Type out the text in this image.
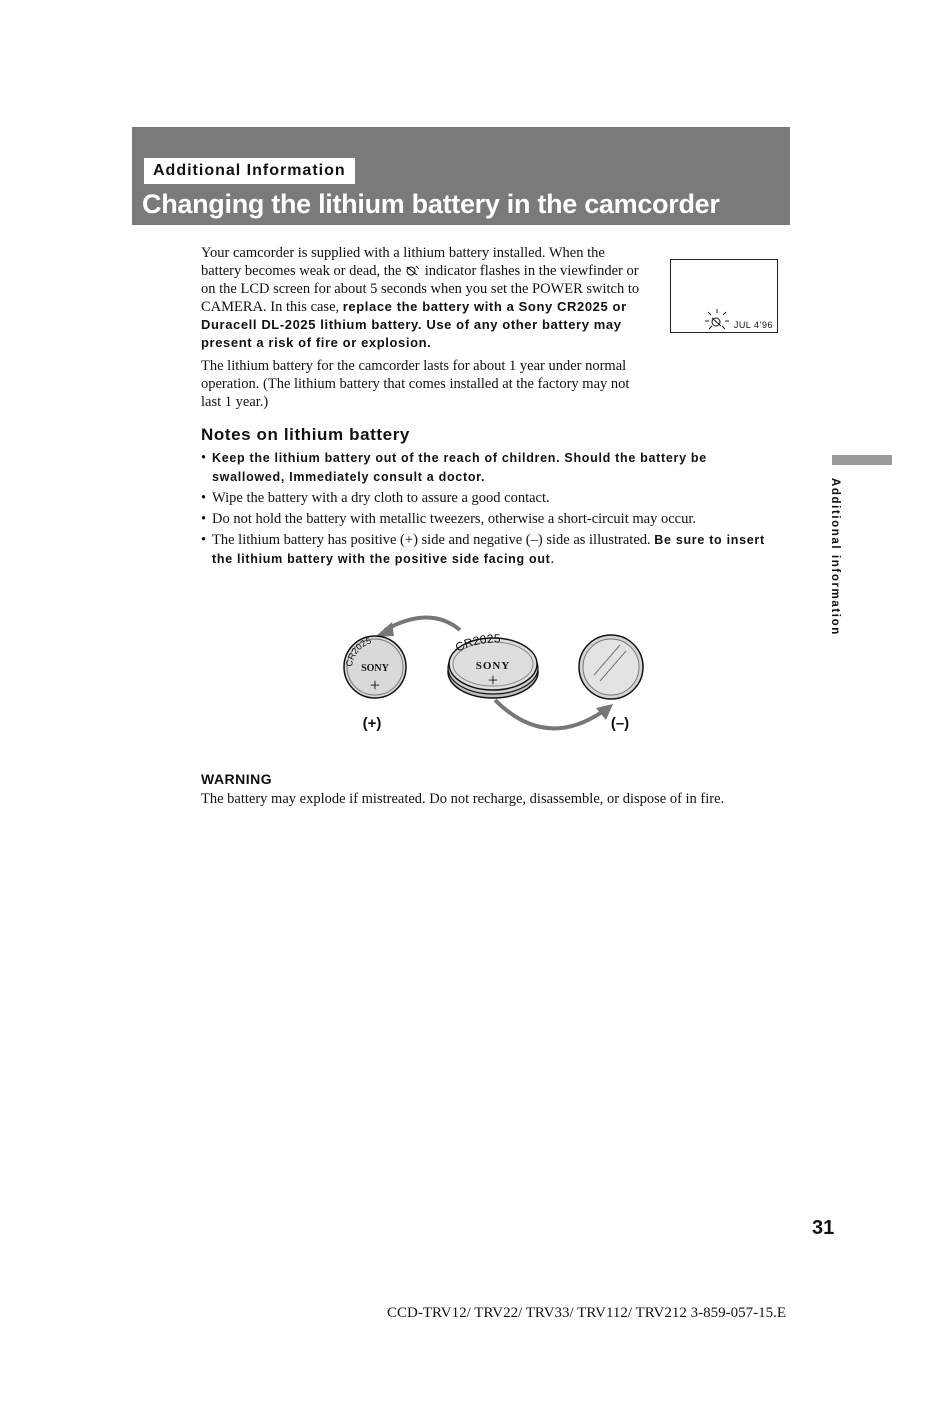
Additional Information
Changing the lithium battery in the camcorder

Your camcorder is supplied with a lithium battery installed. When the battery becomes weak or dead, the indicator flashes in the viewfinder or on the LCD screen for about 5 seconds when you set the POWER switch to CAMERA. In this case, replace the battery with a Sony CR2025 or Duracell DL-2025 lithium battery. Use of any other battery may present a risk of fire or explosion.

The lithium battery for the camcorder lasts for about 1 year under normal operation. (The lithium battery that comes installed at the factory may not last 1 year.)

JUL 4’96
Notes on lithium battery
• Keep the lithium battery out of the reach of children. Should the battery be swallowed, Immediately consult a doctor.
• Wipe the battery with a dry cloth to assure a good contact.
• Do not hold the battery with metallic tweezers, otherwise a short-circuit may occur.
• The lithium battery has positive (+) side and negative (–) side as illustrated. Be sure to insert the lithium battery with the positive side facing out.	Additional information
CR2025
SONY
+
CR2025
SONY
+
(+)	(–)
WARNING

The battery may explode if mistreated. Do not recharge, disassemble, or dispose of in fire.

31
CCD-TRV12/ TRV22/ TRV33/ TRV112/ TRV212 3-859-057-15.E
